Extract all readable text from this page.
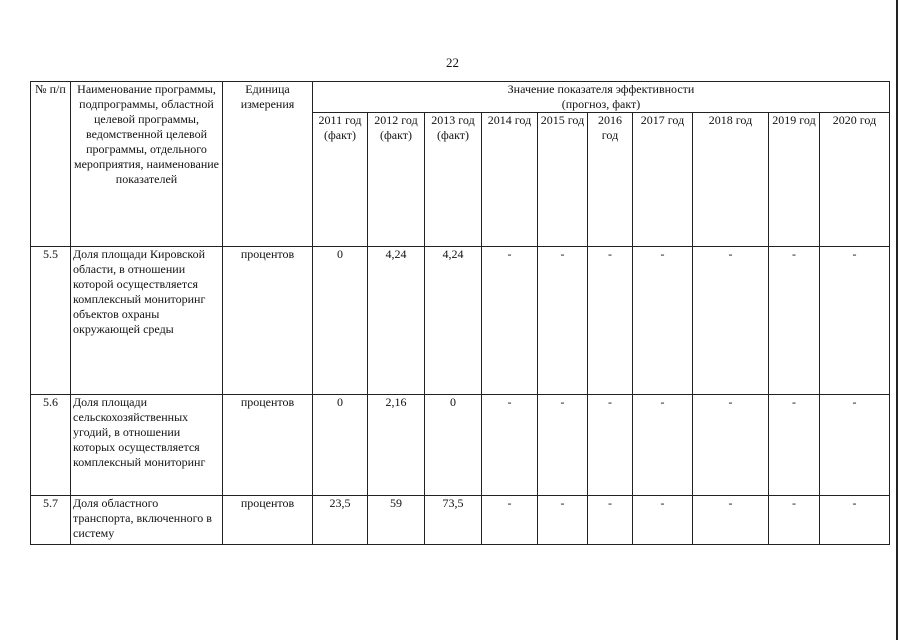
22
№ п/п	Наименование программы, подпрограммы, областной целевой программы, ведомственной целевой программы, отдельного мероприятия, наименование показателей	Единица измерения	Значение показателя эффективности
(прогноз, факт)									

			2011 год (факт)	2012 год (факт)	2013 год (факт)	2014 год	2015 год	2016 год	2017 год	2018 год	2019 год	2020 год
5.5	Доля площади Кировской области, в отношении которой осуществляется комплексный мониторинг объектов охраны окружающей среды	процентов	0	4,24	4,24	-	-	-	-	-	-	-
5.6	Доля площади сельскохозяйственных угодий, в отношении которых осуществляется комплексный мониторинг	процентов	0	2,16	0	-	-	-	-	-	-	-
5.7	Доля областного транспорта, включенного в систему	процентов	23,5	59	73,5	-	-	-	-	-	-	-
